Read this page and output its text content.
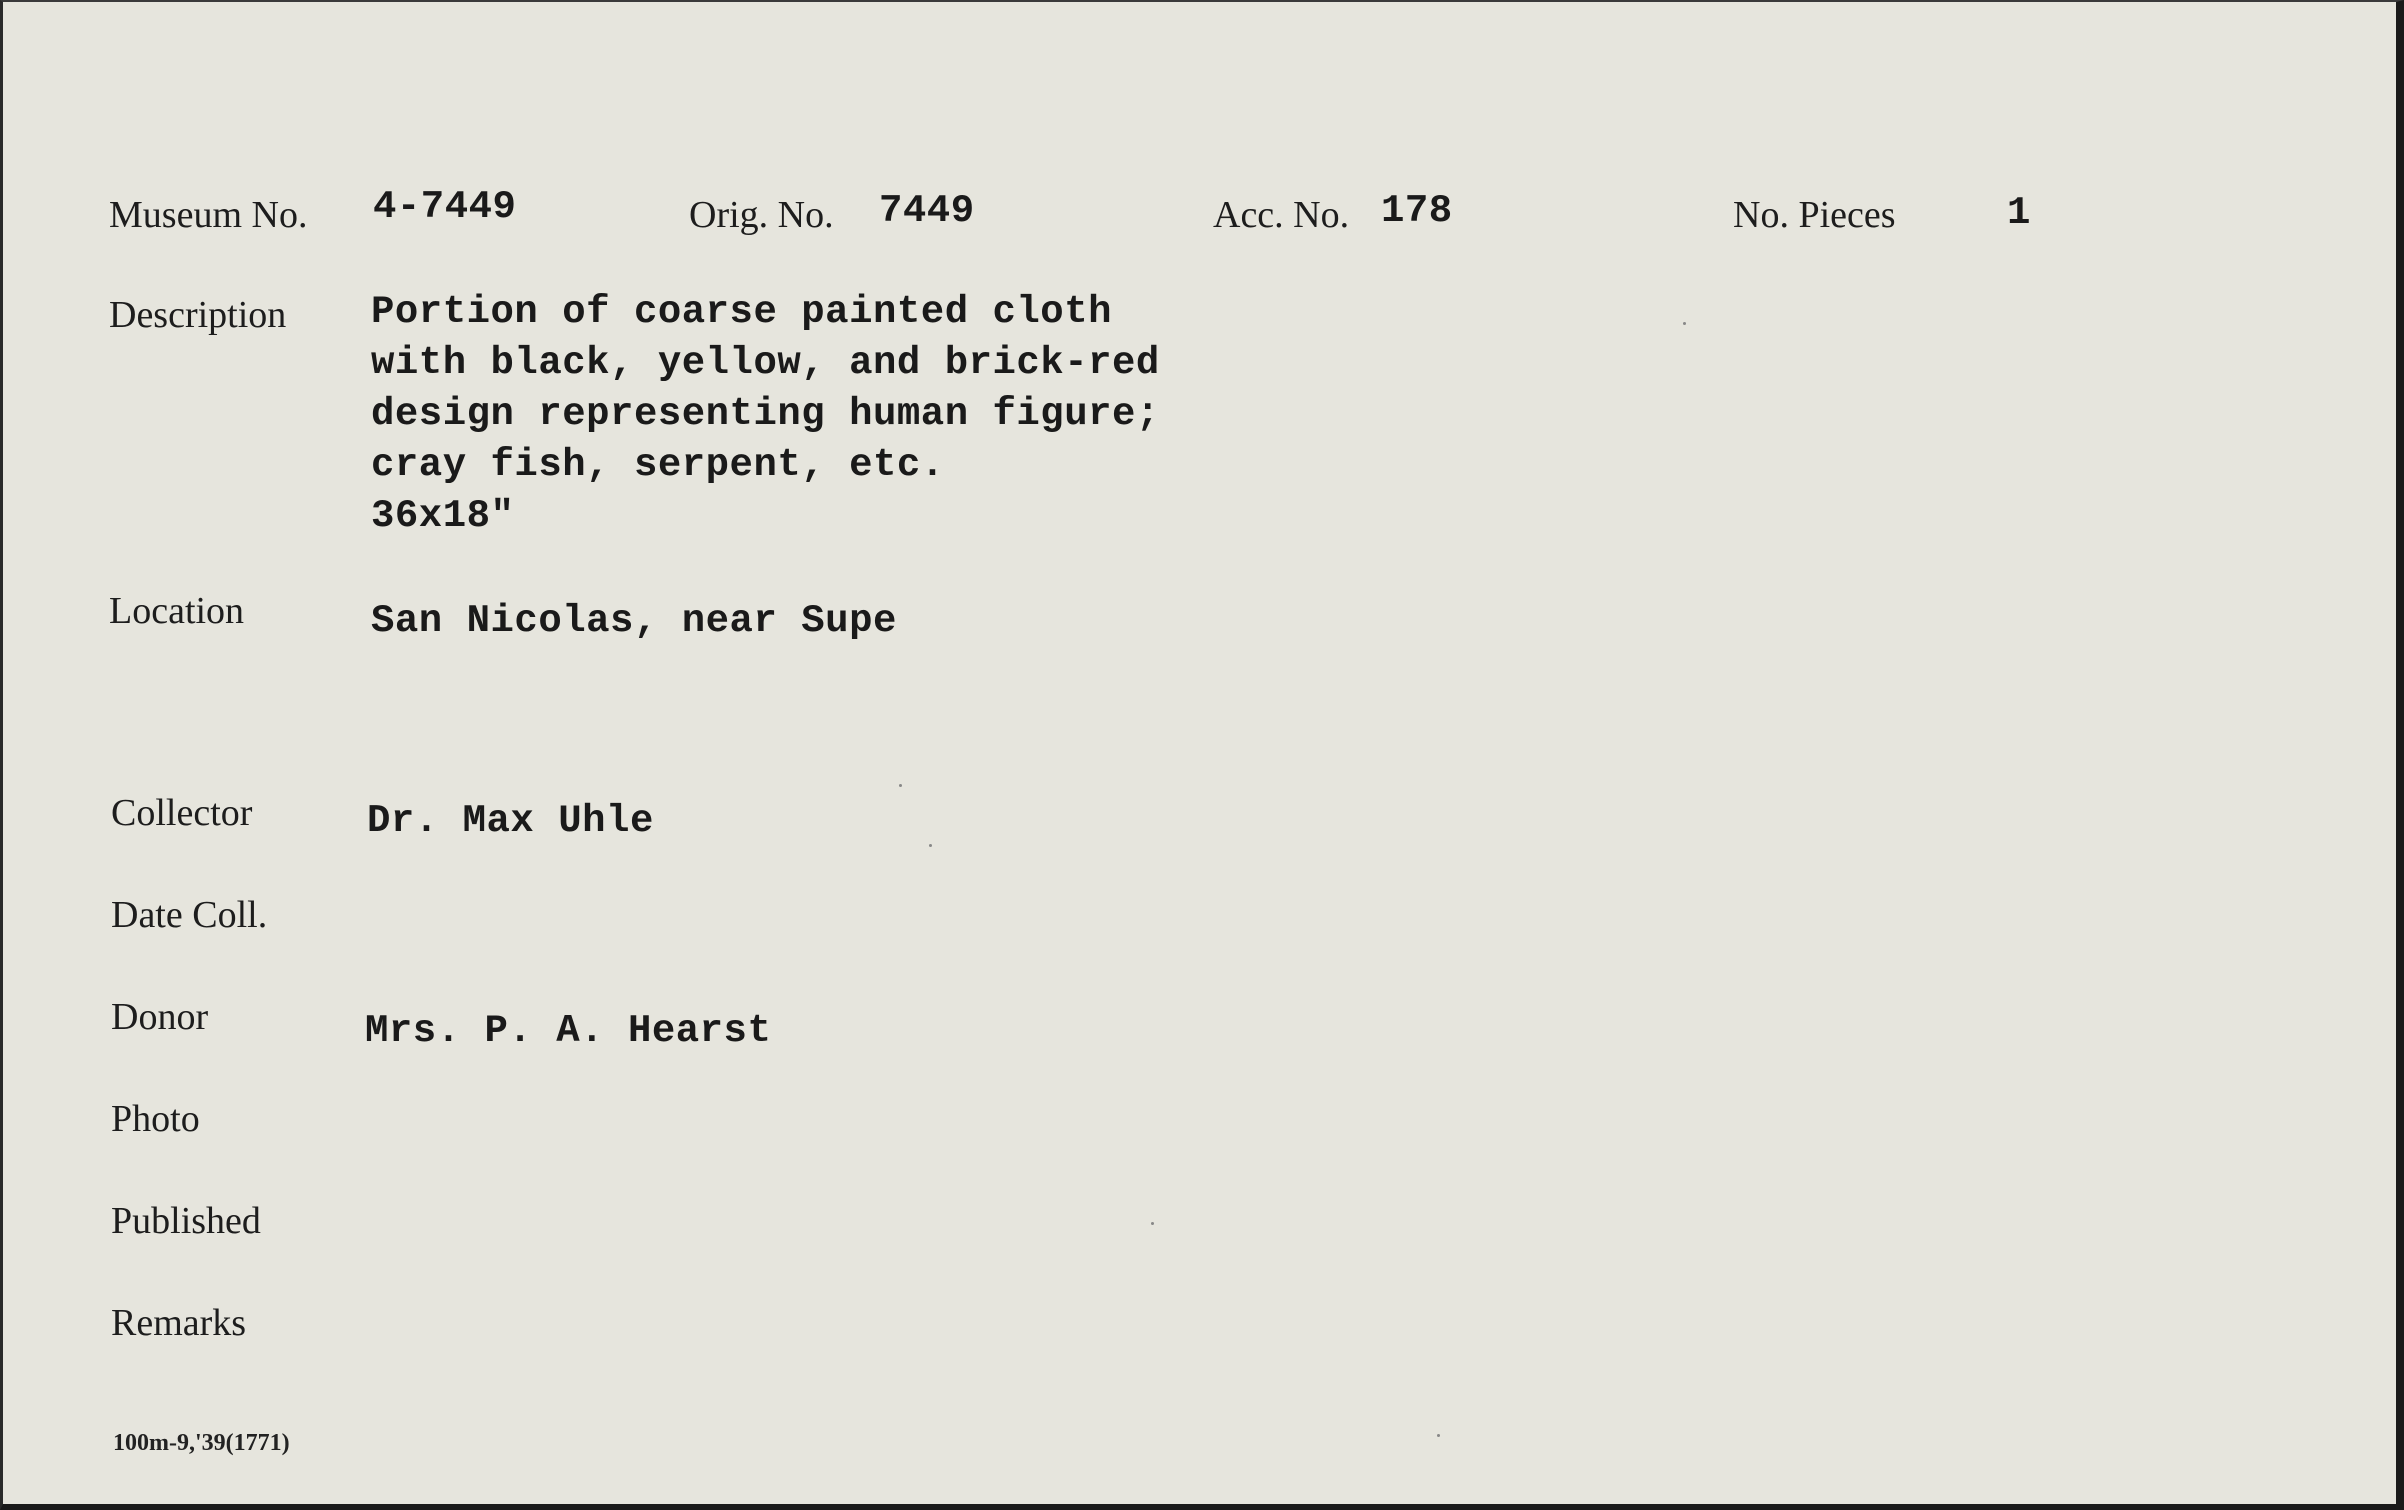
Museum No. 4-7449	Orig. No. 7449	Acc. No. 178	No. Pieces	1
Description Portion of coarse painted cloth
with black, yellow, and brick-red
design representing human figure;
cray fish, serpent, etc.
36x18"
Location	San Nicolas, near Supe
Collector	Dr. Max Uhle
Date Coll.
Donor	Mrs. P. A. Hearst
Photo
Published
Remarks
100m-9,'39(1771)
